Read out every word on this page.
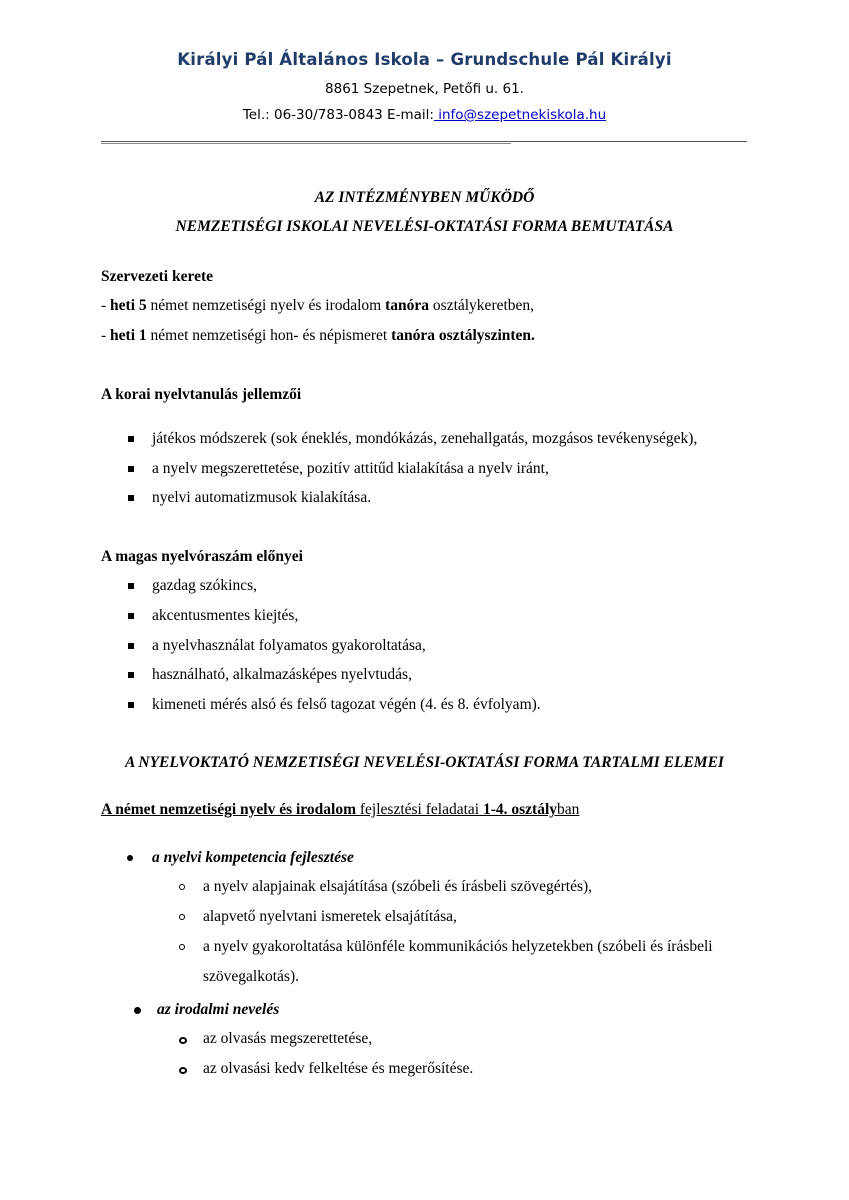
Királyi Pál Általános Iskola – Grundschule Pál Királyi
8861 Szepetnek, Petőfi u. 61.
Tel.: 06-30/783-0843 E-mail: info@szepetnekiskola.hu
AZ INTÉZMÉNYBEN MŰKÖDŐ
NEMZETISÉGI ISKOLAI NEVELÉSI-OKTATÁSI FORMA BEMUTATÁSA
Szervezeti kerete
- heti 5 német nemzetiségi nyelv és irodalom tanóra osztálykeretben,
- heti 1 német nemzetiségi hon- és népismeret tanóra osztályszinten.
A korai nyelvtanulás jellemzői
játékos módszerek (sok éneklés, mondókázás, zenehallgatás, mozgásos tevékenységek),
a nyelv megszerettetése, pozitív attitűd kialakítása a nyelv iránt,
nyelvi automatizmusok kialakítása.
A magas nyelvóraszám előnyei
gazdag szókincs,
akcentusmentes kiejtés,
a nyelvhasználat folyamatos gyakoroltatása,
használható, alkalmazásképes nyelvtudás,
kimeneti mérés alsó és felső tagozat végén (4. és 8. évfolyam).
A NYELVOKTATÓ NEMZETISÉGI NEVELÉSI-OKTATÁSI FORMA TARTALMI ELEMEI
A német nemzetiségi nyelv és irodalom fejlesztési feladatai 1-4. osztályban
a nyelvi kompetencia fejlesztése
a nyelv alapjainak elsajátítása (szóbeli és írásbeli szövegértés),
alapvető nyelvtani ismeretek elsajátítása,
a nyelv gyakoroltatása különféle kommunikációs helyzetekben (szóbeli és írásbeli
szövegalkotás).
az irodalmi nevelés
az olvasás megszerettetése,
az olvasási kedv felkeltése és megerősítése.
